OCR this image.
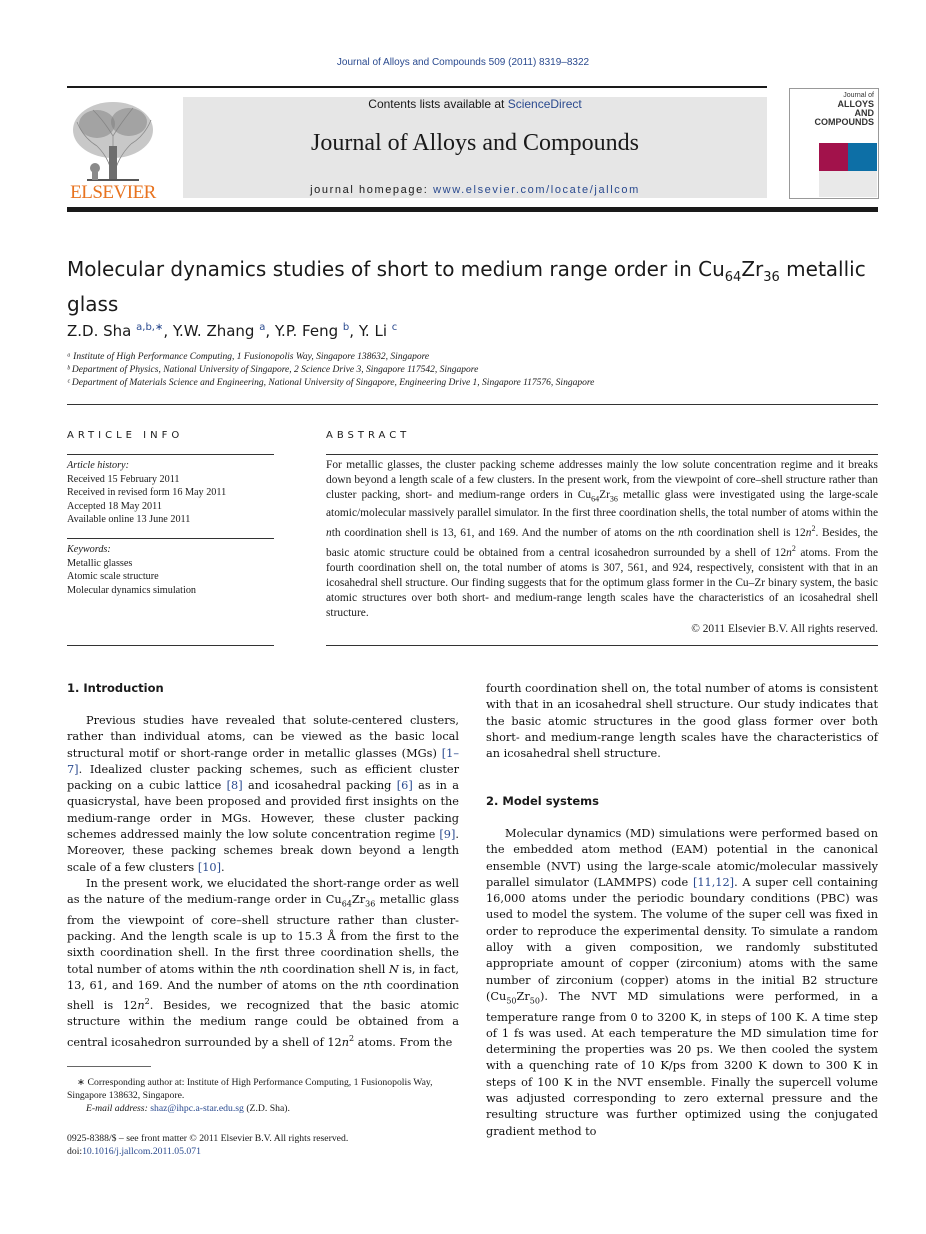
Journal of Alloys and Compounds 509 (2011) 8319–8322
ELSEVIER
Contents lists available at ScienceDirect
Journal of Alloys and Compounds
journal homepage: www.elsevier.com/locate/jallcom
Journal of
ALLOYS
AND COMPOUNDS
Molecular dynamics studies of short to medium range order in $Cu_{64}Zr_{36}$ metallic
glass
Z.D. Sha $^{a,b,∗}$, Y.W. Zhang $^a$, Y.P. Feng $^b$, Y. Li $^c$
ᵃ Institute of High Performance Computing, 1 Fusionopolis Way, Singapore 138632, Singapore
ᵇ Department of Physics, National University of Singapore, 2 Science Drive 3, Singapore 117542, Singapore
ᶜ Department of Materials Science and Engineering, National University of Singapore, Engineering Drive 1, Singapore 117576, Singapore
ARTICLE INFO
Article history:
Received 15 February 2011
Received in revised form 16 May 2011
Accepted 18 May 2011
Available online 13 June 2011
Keywords:
Metallic glasses
Atomic scale structure
Molecular dynamics simulation
ABSTRACT
For metallic glasses, the cluster packing scheme addresses mainly the low solute concentration regime and it breaks down beyond a length scale of a few clusters. In the present work, from the viewpoint of core–shell structure rather than cluster packing, short- and medium-range orders in $Cu_{64}Zr_{36}$ metallic glass were investigated using the large-scale atomic/molecular massively parallel simulator. In the first three coordination shells, the total number of atoms within the nth coordination shell is 13, 61, and 169. And the number of atoms on the nth coordination shell is $12n^2$. Besides, the basic atomic structure could be obtained from a central icosahedron surrounded by a shell of $12n^2$ atoms. From the fourth coordination shell on, the total number of atoms is 307, 561, and 924, respectively, consistent with that in an icosahedral shell structure. Our finding suggests that for the optimum glass former in the Cu–Zr binary system, the basic atomic structures over both short- and medium-range length scales have the characteristics of an icosahedral shell structure.
© 2011 Elsevier B.V. All rights reserved.
1. Introduction

Previous studies have revealed that solute-centered clusters, rather than individual atoms, can be viewed as the basic local structural motif or short-range order in metallic glasses (MGs) [1–7]. Idealized cluster packing schemes, such as efficient cluster packing on a cubic lattice [8] and icosahedral packing [6] as in a quasicrystal, have been proposed and provided first insights on the medium-range order in MGs. However, these cluster packing schemes addressed mainly the low solute concentration regime [9]. Moreover, these packing schemes break down beyond a length scale of a few clusters [10].

In the present work, we elucidated the short-range order as well as the nature of the medium-range order in $Cu_{64}Zr_{36}$ metallic glass from the viewpoint of core–shell structure rather than cluster-packing. And the length scale is up to 15.3 Å from the first to the sixth coordination shell. In the first three coordination shells, the total number of atoms within the nth coordination shell N is, in fact, 13, 61, and 169. And the number of atoms on the nth coordination shell is $12n^2$. Besides, we recognized that the basic atomic structure within the medium range could be obtained from a central icosahedron surrounded by a shell of $12n^2$ atoms. From the

∗ Corresponding author at: Institute of High Performance Computing, 1 Fusionopolis Way, Singapore 138632, Singapore.
E-mail address: shaz@ihpc.a-star.edu.sg (Z.D. Sha).
0925-8388/$ – see front matter © 2011 Elsevier B.V. All rights reserved.
doi:10.1016/j.jallcom.2011.05.071

fourth coordination shell on, the total number of atoms is consistent with that in an icosahedral shell structure. Our study indicates that the basic atomic structures in the good glass former over both short- and medium-range length scales have the characteristics of an icosahedral shell structure.

2. Model systems

Molecular dynamics (MD) simulations were performed based on the embedded atom method (EAM) potential in the canonical ensemble (NVT) using the large-scale atomic/molecular massively parallel simulator (LAMMPS) code [11,12]. A super cell containing 16,000 atoms under the periodic boundary conditions (PBC) was used to model the system. The volume of the super cell was fixed in order to reproduce the experimental density. To simulate a random alloy with a given composition, we randomly substituted appropriate amount of copper (zirconium) atoms with the same number of zirconium (copper) atoms in the initial B2 structure $(Cu_{50}Zr_{50})$. The NVT MD simulations were performed, in a temperature range from 0 to 3200 K, in steps of 100 K. A time step of 1 fs was used. At each temperature the MD simulation time for determining the properties was 20 ps. We then cooled the system with a quenching rate of 10 K/ps from 3200 K down to 300 K in steps of 100 K in the NVT ensemble. Finally the supercell volume was adjusted corresponding to zero external pressure and the resulting structure was further optimized using the conjugated gradient method to
